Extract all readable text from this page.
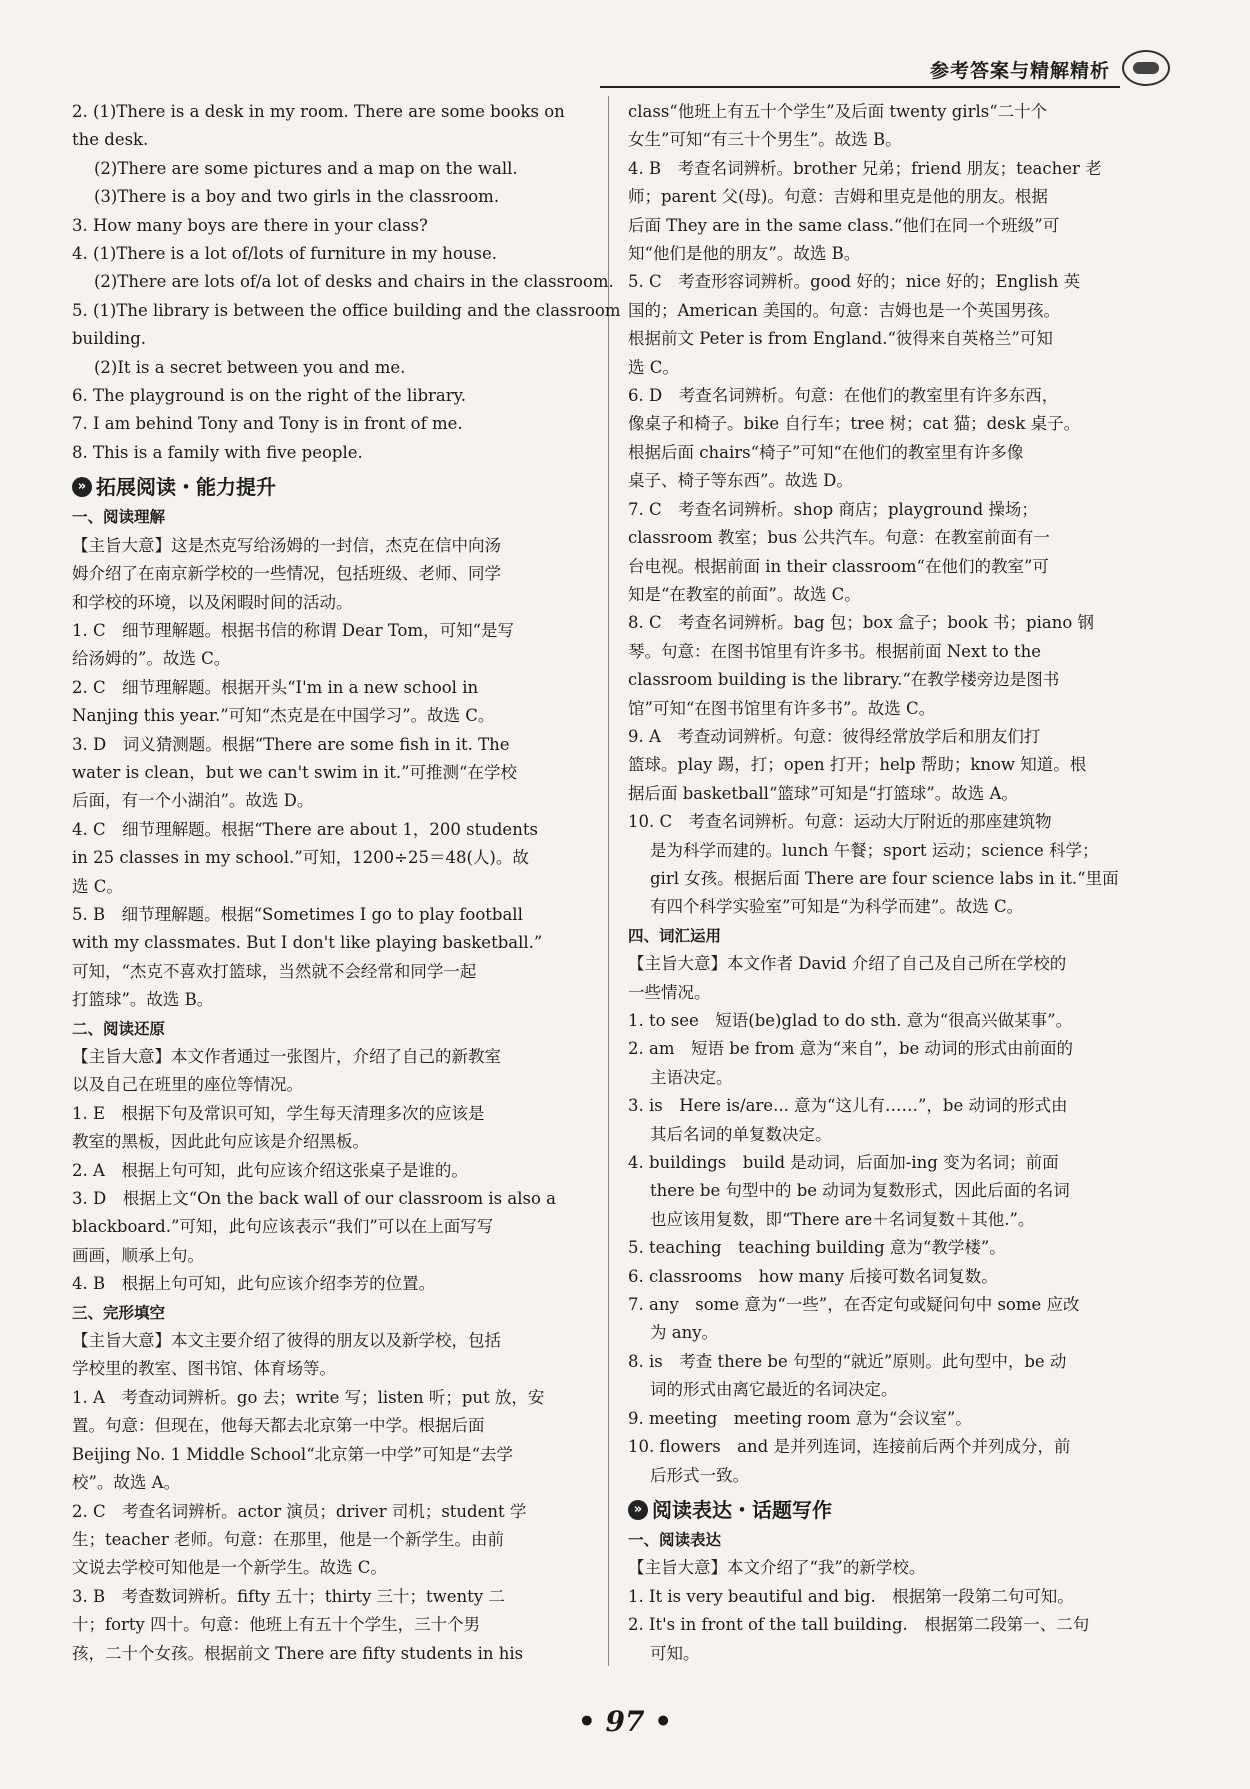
参考答案与精解精析
2. (1)There is a desk in my room. There are some books on
the desk.
(2)There are some pictures and a map on the wall.
(3)There is a boy and two girls in the classroom.
3. How many boys are there in your class?
4. (1)There is a lot of/lots of furniture in my house.
(2)There are lots of/a lot of desks and chairs in the classroom.
5. (1)The library is between the office building and the classroom
building.
(2)It is a secret between you and me.
6. The playground is on the right of the library.
7. I am behind Tony and Tony is in front of me.
8. This is a family with five people.
» 拓展阅读・能力提升
一、阅读理解
【主旨大意】这是杰克写给汤姆的一封信，杰克在信中向汤
姆介绍了在南京新学校的一些情况，包括班级、老师、同学
和学校的环境，以及闲暇时间的活动。
1. C　细节理解题。根据书信的称谓 Dear Tom，可知“是写
给汤姆的”。故选 C。
2. C　细节理解题。根据开头“I'm in a new school in
Nanjing this year.”可知“杰克是在中国学习”。故选 C。
3. D　词义猜测题。根据“There are some fish in it. The
water is clean，but we can't swim in it.”可推测“在学校
后面，有一个小湖泊”。故选 D。
4. C　细节理解题。根据“There are about 1，200 students
in 25 classes in my school.”可知，1200÷25＝48(人)。故
选 C。
5. B　细节理解题。根据“Sometimes I go to play football
with my classmates. But I don't like playing basketball.”
可知，“杰克不喜欢打篮球，当然就不会经常和同学一起
打篮球”。故选 B。
二、阅读还原
【主旨大意】本文作者通过一张图片，介绍了自己的新教室
以及自己在班里的座位等情况。
1. E　根据下句及常识可知，学生每天清理多次的应该是
教室的黑板，因此此句应该是介绍黑板。
2. A　根据上句可知，此句应该介绍这张桌子是谁的。
3. D　根据上文“On the back wall of our classroom is also a
blackboard.”可知，此句应该表示“我们”可以在上面写写
画画，顺承上句。
4. B　根据上句可知，此句应该介绍李芳的位置。
三、完形填空
【主旨大意】本文主要介绍了彼得的朋友以及新学校，包括
学校里的教室、图书馆、体育场等。
1. A　考查动词辨析。go 去；write 写；listen 听；put 放，安
置。句意：但现在，他每天都去北京第一中学。根据后面
Beijing No. 1 Middle School“北京第一中学”可知是“去学
校”。故选 A。
2. C　考查名词辨析。actor 演员；driver 司机；student 学
生；teacher 老师。句意：在那里，他是一个新学生。由前
文说去学校可知他是一个新学生。故选 C。
3. B　考查数词辨析。fifty 五十；thirty 三十；twenty 二
十；forty 四十。句意：他班上有五十个学生，三十个男
孩，二十个女孩。根据前文 There are fifty students in his
class“他班上有五十个学生”及后面 twenty girls“二十个
女生”可知“有三十个男生”。故选 B。
4. B　考查名词辨析。brother 兄弟；friend 朋友；teacher 老
师；parent 父(母)。句意：吉姆和里克是他的朋友。根据
后面 They are in the same class.“他们在同一个班级”可
知“他们是他的朋友”。故选 B。
5. C　考查形容词辨析。good 好的；nice 好的；English 英
国的；American 美国的。句意：吉姆也是一个英国男孩。
根据前文 Peter is from England.“彼得来自英格兰”可知
选 C。
6. D　考查名词辨析。句意：在他们的教室里有许多东西，
像桌子和椅子。bike 自行车；tree 树；cat 猫；desk 桌子。
根据后面 chairs“椅子”可知“在他们的教室里有许多像
桌子、椅子等东西”。故选 D。
7. C　考查名词辨析。shop 商店；playground 操场；
classroom 教室；bus 公共汽车。句意：在教室前面有一
台电视。根据前面 in their classroom“在他们的教室”可
知是“在教室的前面”。故选 C。
8. C　考查名词辨析。bag 包；box 盒子；book 书；piano 钢
琴。句意：在图书馆里有许多书。根据前面 Next to the
classroom building is the library.“在教学楼旁边是图书
馆”可知“在图书馆里有许多书”。故选 C。
9. A　考查动词辨析。句意：彼得经常放学后和朋友们打
篮球。play 踢，打；open 打开；help 帮助；know 知道。根
据后面 basketball“篮球”可知是“打篮球”。故选 A。
10. C　考查名词辨析。句意：运动大厅附近的那座建筑物
是为科学而建的。lunch 午餐；sport 运动；science 科学；
girl 女孩。根据后面 There are four science labs in it.“里面
有四个科学实验室”可知是“为科学而建”。故选 C。
四、词汇运用
【主旨大意】本文作者 David 介绍了自己及自己所在学校的
一些情况。
1. to see　短语(be)glad to do sth. 意为“很高兴做某事”。
2. am　短语 be from 意为“来自”，be 动词的形式由前面的
主语决定。
3. is　Here is/are... 意为“这儿有……”，be 动词的形式由
其后名词的单复数决定。
4. buildings　build 是动词，后面加-ing 变为名词；前面
there be 句型中的 be 动词为复数形式，因此后面的名词
也应该用复数，即“There are＋名词复数＋其他.”。
5. teaching　teaching building 意为“教学楼”。
6. classrooms　how many 后接可数名词复数。
7. any　some 意为“一些”，在否定句或疑问句中 some 应改
为 any。
8. is　考查 there be 句型的“就近”原则。此句型中，be 动
词的形式由离它最近的名词决定。
9. meeting　meeting room 意为“会议室”。
10. flowers　and 是并列连词，连接前后两个并列成分，前
后形式一致。
» 阅读表达・话题写作
一、阅读表达
【主旨大意】本文介绍了“我”的新学校。
1. It is very beautiful and big.　根据第一段第二句可知。
2. It's in front of the tall building.　根据第二段第一、二句
可知。
• 97 •
